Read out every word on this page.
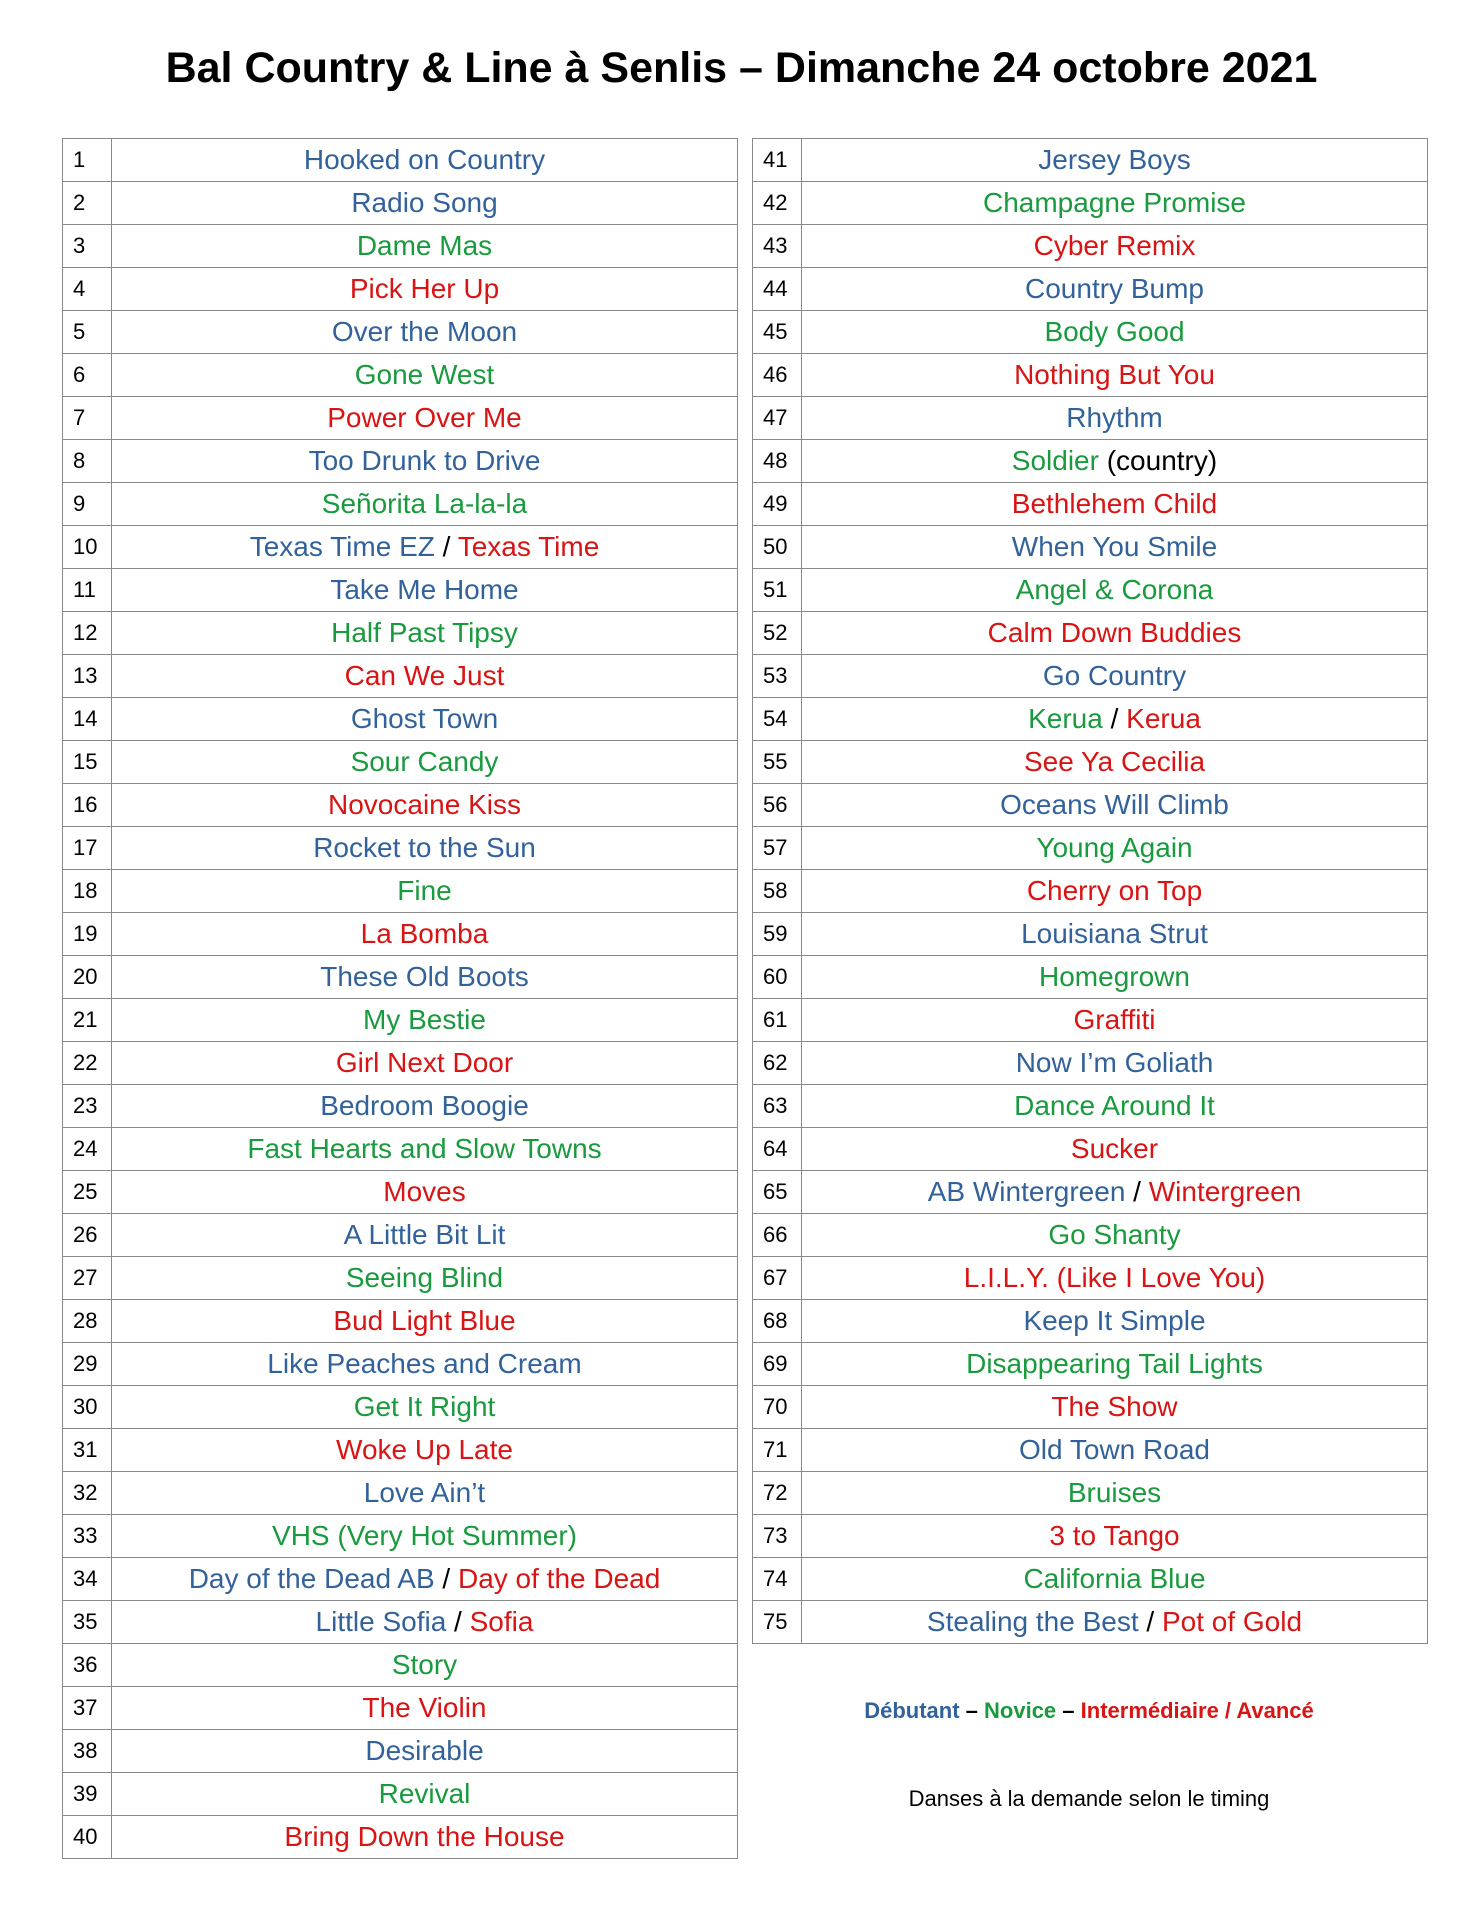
Bal Country & Line à Senlis – Dimanche 24 octobre 2021
1	Hooked on Country
2	Radio Song
3	Dame Mas
4	Pick Her Up
5	Over the Moon
6	Gone West
7	Power Over Me
8	Too Drunk to Drive
9	Señorita La-la-la
10	Texas Time EZ / Texas Time
11	Take Me Home
12	Half Past Tipsy
13	Can We Just
14	Ghost Town
15	Sour Candy
16	Novocaine Kiss
17	Rocket to the Sun
18	Fine
19	La Bomba
20	These Old Boots
21	My Bestie
22	Girl Next Door
23	Bedroom Boogie
24	Fast Hearts and Slow Towns
25	Moves
26	A Little Bit Lit
27	Seeing Blind
28	Bud Light Blue
29	Like Peaches and Cream
30	Get It Right
31	Woke Up Late
32	Love Ain’t
33	VHS (Very Hot Summer)
34	Day of the Dead AB / Day of the Dead
35	Little Sofia / Sofia
36	Story
37	The Violin
38	Desirable
39	Revival
40	Bring Down the House
41	Jersey Boys
42	Champagne Promise
43	Cyber Remix
44	Country Bump
45	Body Good
46	Nothing But You
47	Rhythm
48	Soldier (country)
49	Bethlehem Child
50	When You Smile
51	Angel & Corona
52	Calm Down Buddies
53	Go Country
54	Kerua / Kerua
55	See Ya Cecilia
56	Oceans Will Climb
57	Young Again
58	Cherry on Top
59	Louisiana Strut
60	Homegrown
61	Graffiti
62	Now I’m Goliath
63	Dance Around It
64	Sucker
65	AB Wintergreen / Wintergreen
66	Go Shanty
67	L.I.L.Y. (Like I Love You)
68	Keep It Simple
69	Disappearing Tail Lights
70	The Show
71	Old Town Road
72	Bruises
73	3 to Tango
74	California Blue
75	Stealing the Best / Pot of Gold
Débutant – Novice – Intermédiaire / Avancé
Danses à la demande selon le timing
